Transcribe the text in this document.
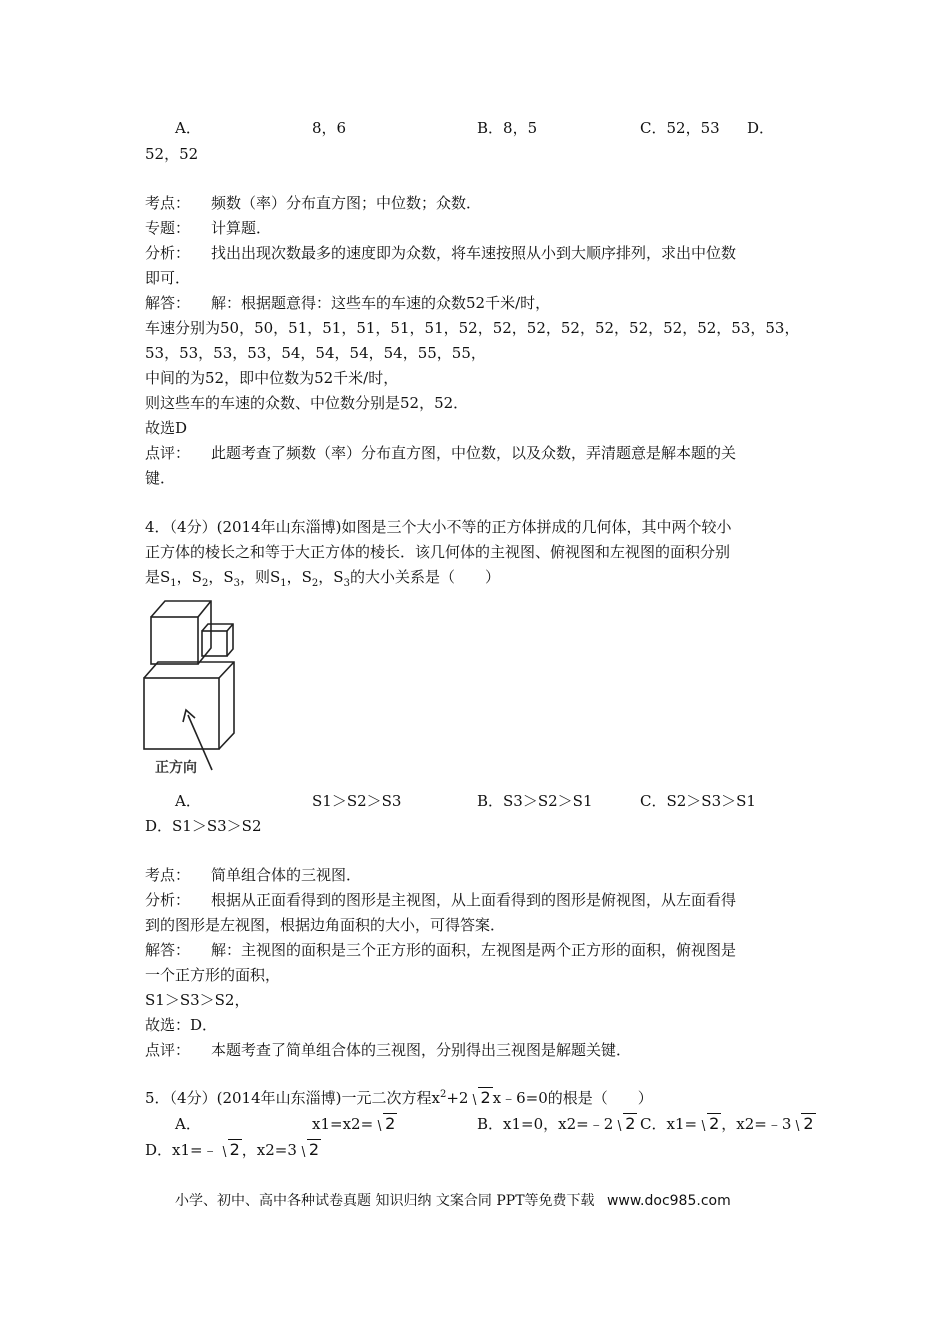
A．	8，6	B．8，5	C．52，53 D．
52，52
考点： 频数（率）分布直方图；中位数；众数．
专题： 计算题．
分析： 找出出现次数最多的速度即为众数，将车速按照从小到大顺序排列，求出中位数
即可．
解答： 解：根据题意得：这些车的车速的众数52千米/时，
车速分别为50，50，51，51，51，51，51，52，52，52，52，52，52，52，52，53，53，
53，53，53，53，54，54，54，54，55，55，
中间的为52，即中位数为52千米/时，
则这些车的车速的众数、中位数分别是52，52．
故选D
点评： 此题考查了频数（率）分布直方图，中位数，以及众数，弄清题意是解本题的关
键．
4．（4分）(2014年山东淄博)如图是三个大小不等的正方体拼成的几何体，其中两个较小
正方体的棱长之和等于大正方体的棱长．该几何体的主视图、俯视图和左视图的面积分别
是$S_1$，$S_2$，$S_3$，则$S_1$，$S_2$，$S_3$的大小关系是（　　）
正方向
A．	S1＞S2＞S3	B．S3＞S2＞S1	C．S2＞S3＞S1
D．S1＞S3＞S2
考点： 简单组合体的三视图．
分析： 根据从正面看得到的图形是主视图，从上面看得到的图形是俯视图，从左面看得
到的图形是左视图，根据边角面积的大小，可得答案．
解答： 解：主视图的面积是三个正方形的面积，左视图是两个正方形的面积，俯视图是
一个正方形的面积，
S1＞S3＞S2，
故选：D．
点评： 本题考查了简单组合体的三视图，分别得出三视图是解题关键．
5．（4分）(2014年山东淄博)一元二次方程$x^2+2$ 2 x﹣6=0的根是（　　）
A．	x1=x2= 2	B．x1=0，x2=﹣2 2 C．x1= 2 ，x2=﹣3 2
D．x1=﹣ 2 ，x2=3 2
小学、初中、高中各种试卷真题 知识归纳 文案合同 PPT等免费下载 www.doc985.com
